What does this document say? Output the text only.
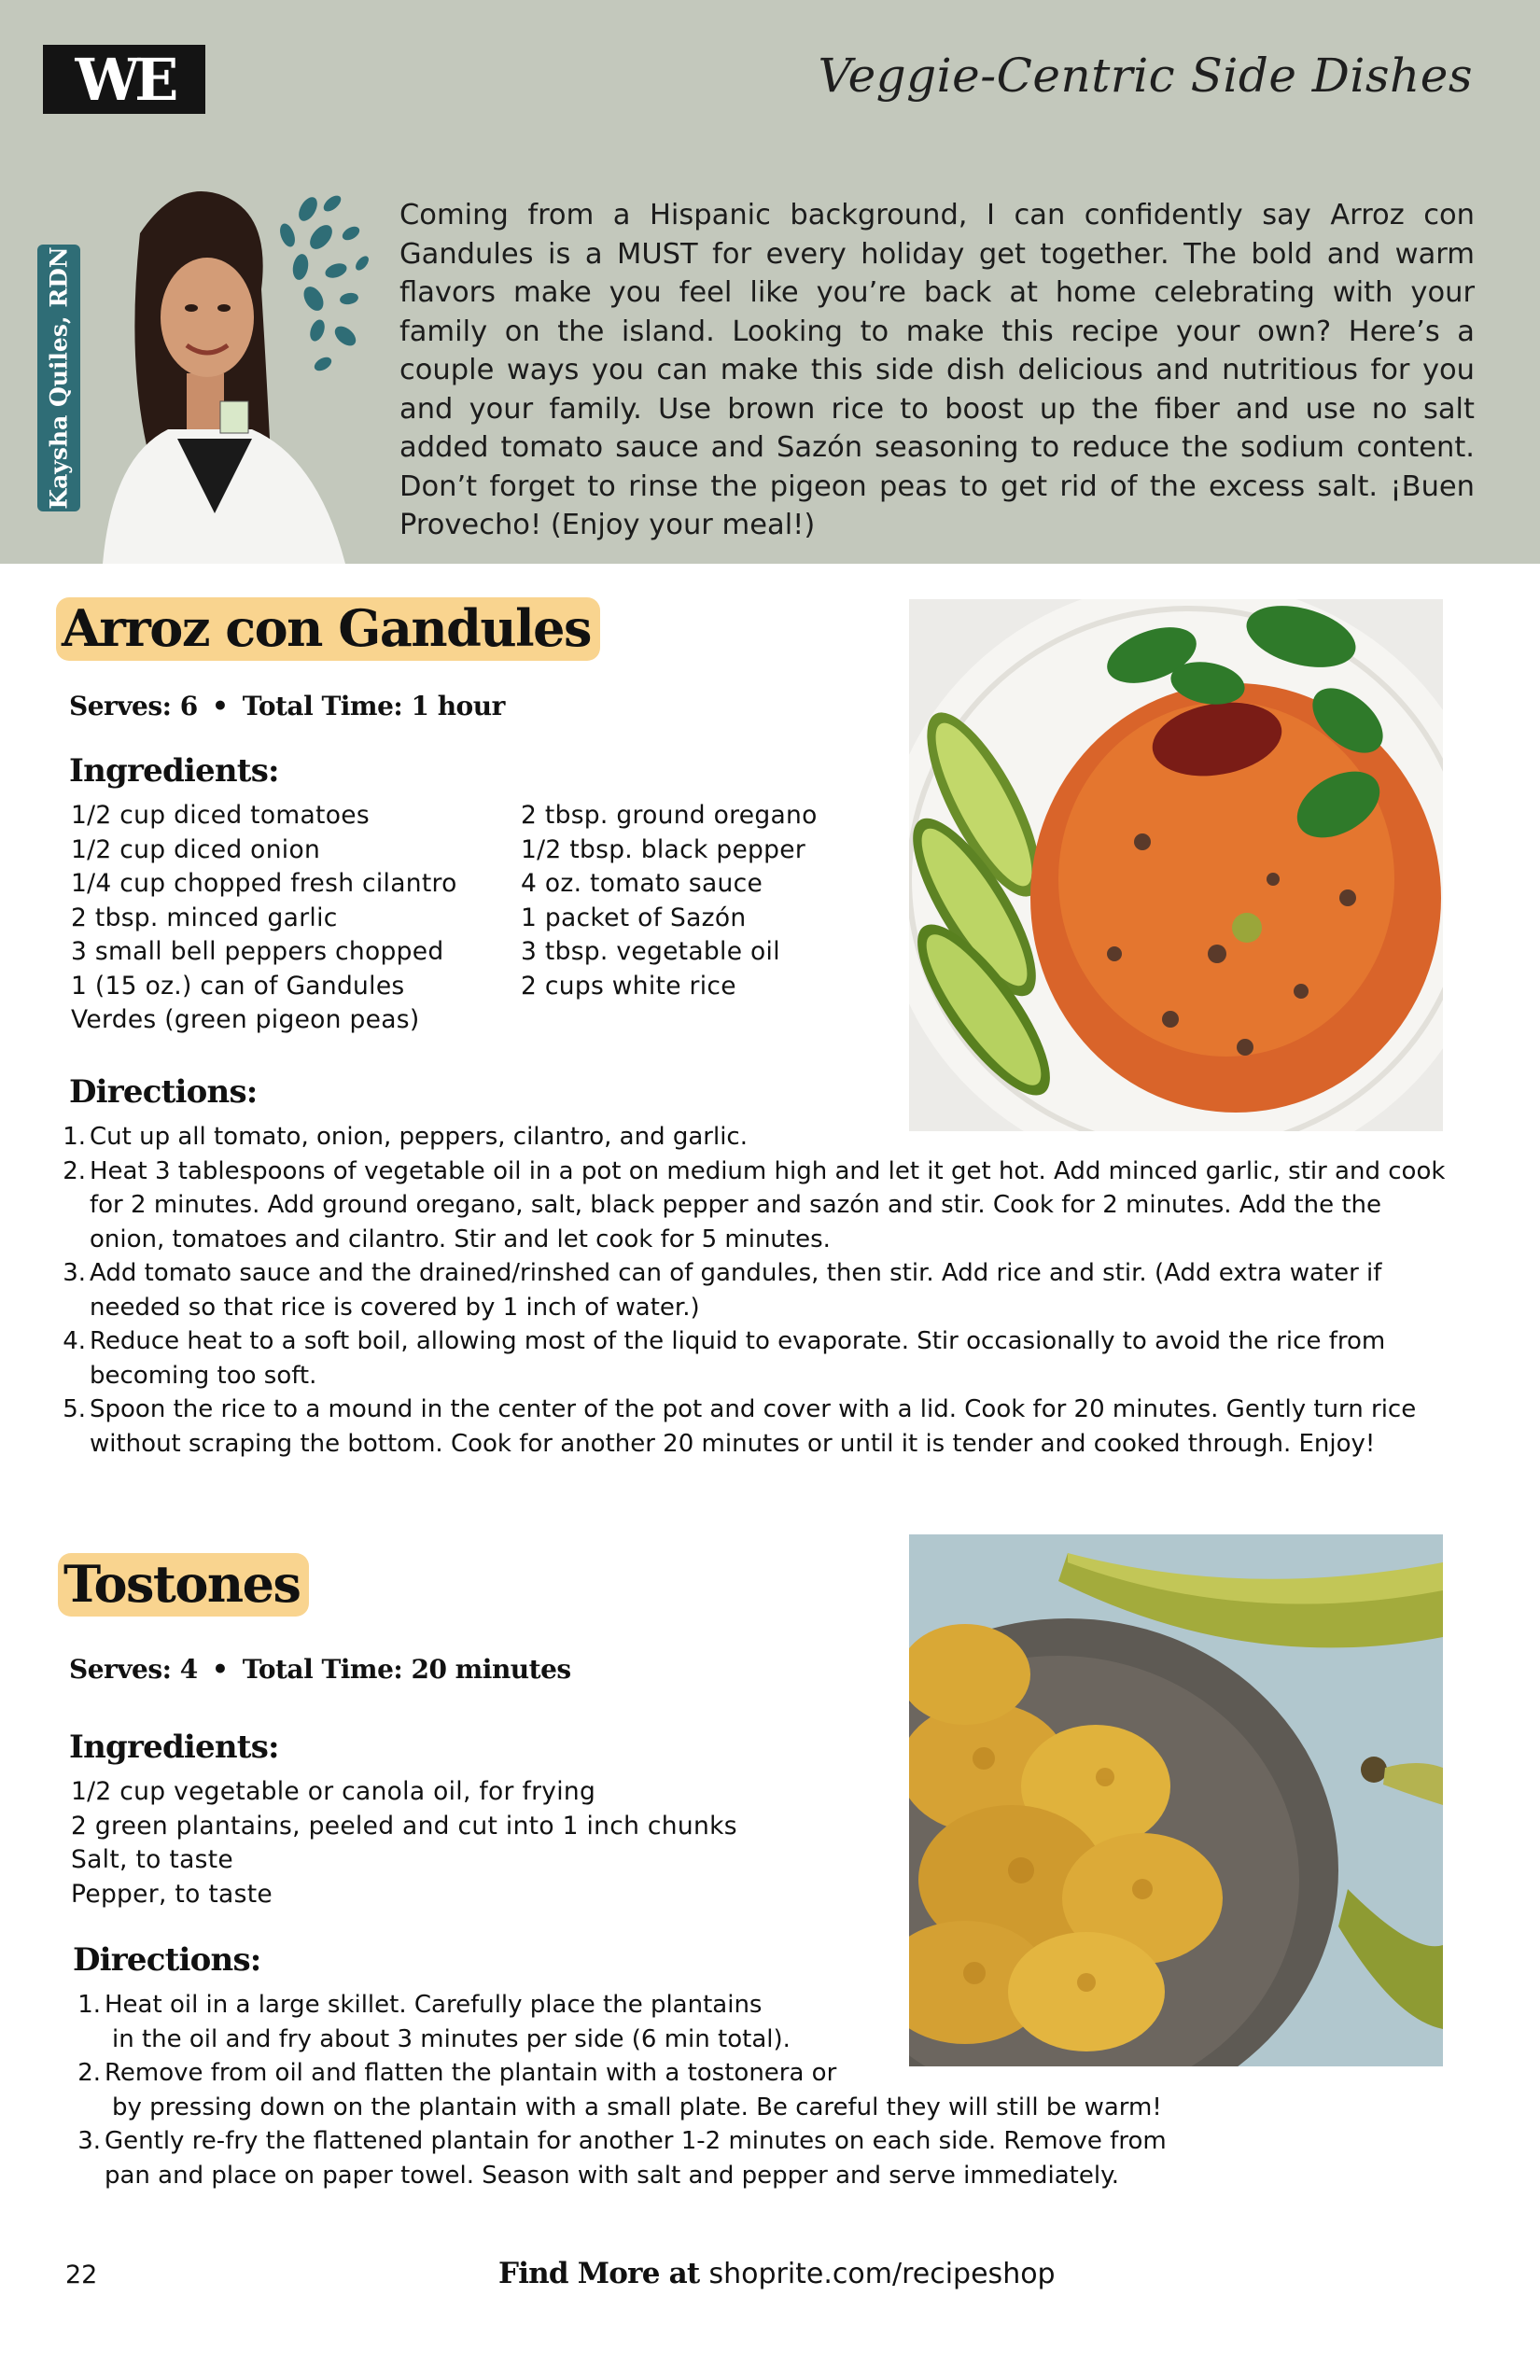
WE	Veggie-Centric Side Dishes
Kaysha Quiles, RDN
Coming from a Hispanic background, I can confidently say Arroz con Gandules is a MUST for every holiday get together. The bold and warm flavors make you feel like you’re back at home celebrating with your family on the island. Looking to make this recipe your own? Here’s a couple ways you can make this side dish delicious and nutritious for you and your family. Use brown rice to boost up the fiber and use no salt added tomato sauce and Sazón seasoning to reduce the sodium content. Don’t forget to rinse the pigeon peas to get rid of the excess salt. ¡Buen Provecho! (Enjoy your meal!)
Arroz con Gandules
Serves: 6 • Total Time: 1 hour
Ingredients:
1/2 cup diced tomatoes
1/2 cup diced onion
1/4 cup chopped fresh cilantro
2 tbsp. minced garlic
3 small bell peppers chopped
1 (15 oz.) can of Gandules
Verdes (green pigeon peas)
2 tbsp. ground oregano
1/2 tbsp. black pepper
4 oz. tomato sauce
1 packet of Sazón
3 tbsp. vegetable oil
2 cups white rice
Directions:
1. Cut up all tomato, onion, peppers, cilantro, and garlic.
2. Heat 3 tablespoons of vegetable oil in a pot on medium high and let it get hot. Add minced garlic, stir and cook
for 2 minutes. Add ground oregano, salt, black pepper and sazón and stir. Cook for 2 minutes. Add the the
onion, tomatoes and cilantro. Stir and let cook for 5 minutes.
3. Add tomato sauce and the drained/rinshed can of gandules, then stir. Add rice and stir. (Add extra water if
needed so that rice is covered by 1 inch of water.)
4. Reduce heat to a soft boil, allowing most of the liquid to evaporate. Stir occasionally to avoid the rice from
becoming too soft.
5. Spoon the rice to a mound in the center of the pot and cover with a lid. Cook for 20 minutes. Gently turn rice
without scraping the bottom. Cook for another 20 minutes or until it is tender and cooked through. Enjoy!
Tostones
Serves: 4 • Total Time: 20 minutes
Ingredients:
1/2 cup vegetable or canola oil, for frying
2 green plantains, peeled and cut into 1 inch chunks
Salt, to taste
Pepper, to taste
Directions:
1. Heat oil in a large skillet. Carefully place the plantains
in the oil and fry about 3 minutes per side (6 min total).
2. Remove from oil and flatten the plantain with a tostonera or
by pressing down on the plantain with a small plate. Be careful they will still be warm!
3. Gently re-fry the flattened plantain for another 1-2 minutes on each side. Remove from
pan and place on paper towel. Season with salt and pepper and serve immediately.
22	Find More at shoprite.com/recipeshop
